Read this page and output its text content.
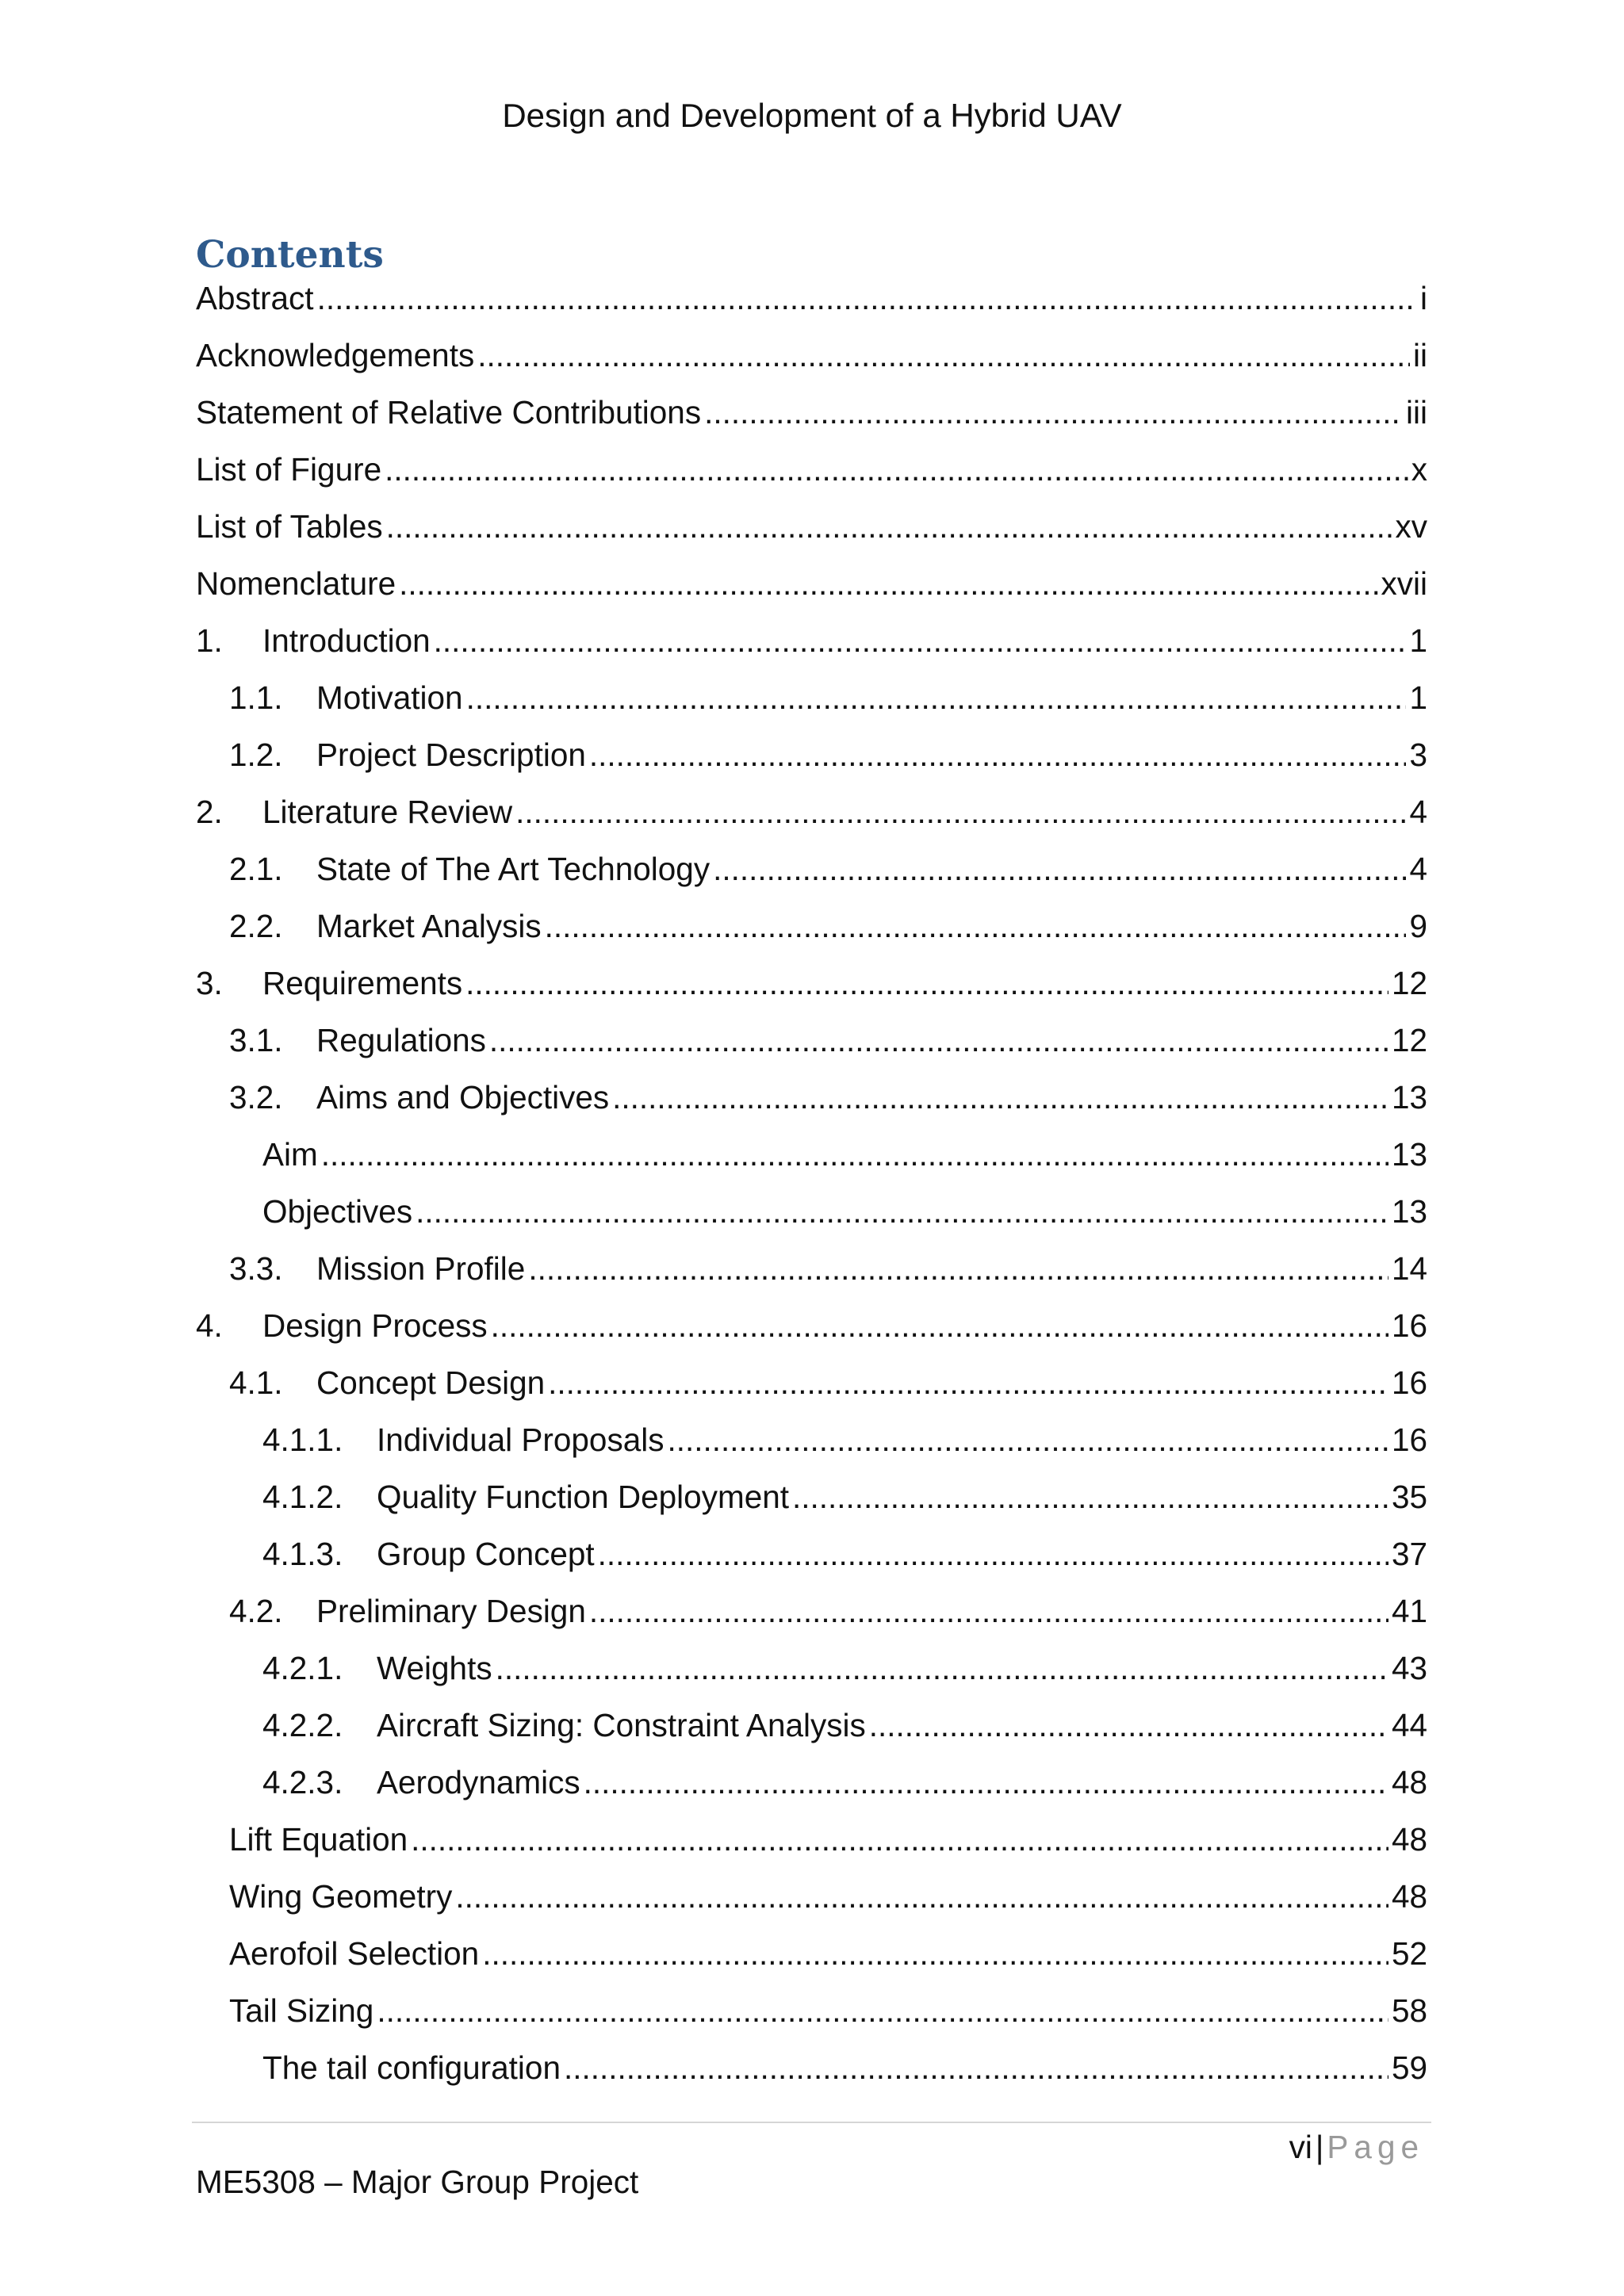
Design and Development of a Hybrid UAV
Contents
Abstract .....	i
Acknowledgements .....	ii
Statement of Relative Contributions .....	iii
List of Figure .....	x
List of Tables .....	xv
Nomenclature .....	xvii
1.	Introduction .....	1
1.1.	Motivation .....	1
1.2.	Project Description .....	3
2.	Literature Review .....	4
2.1.	State of The Art Technology .....	4
2.2.	Market Analysis .....	9
3.	Requirements .....	12
3.1.	Regulations .....	12
3.2.	Aims and Objectives .....	13
Aim .....	13
Objectives .....	13
3.3.	Mission Profile .....	14
4.	Design Process .....	16
4.1.	Concept Design .....	16
4.1.1.	Individual Proposals .....	16
4.1.2.	Quality Function Deployment .....	35
4.1.3.	Group Concept .....	37
4.2.	Preliminary Design .....	41
4.2.1.	Weights .....	43
4.2.2.	Aircraft Sizing: Constraint Analysis .....	44
4.2.3.	Aerodynamics .....	48
Lift Equation .....	48
Wing Geometry .....	48
Aerofoil Selection .....	52
Tail Sizing .....	58
The tail configuration .....	59
vi|Page
ME5308 – Major Group Project
